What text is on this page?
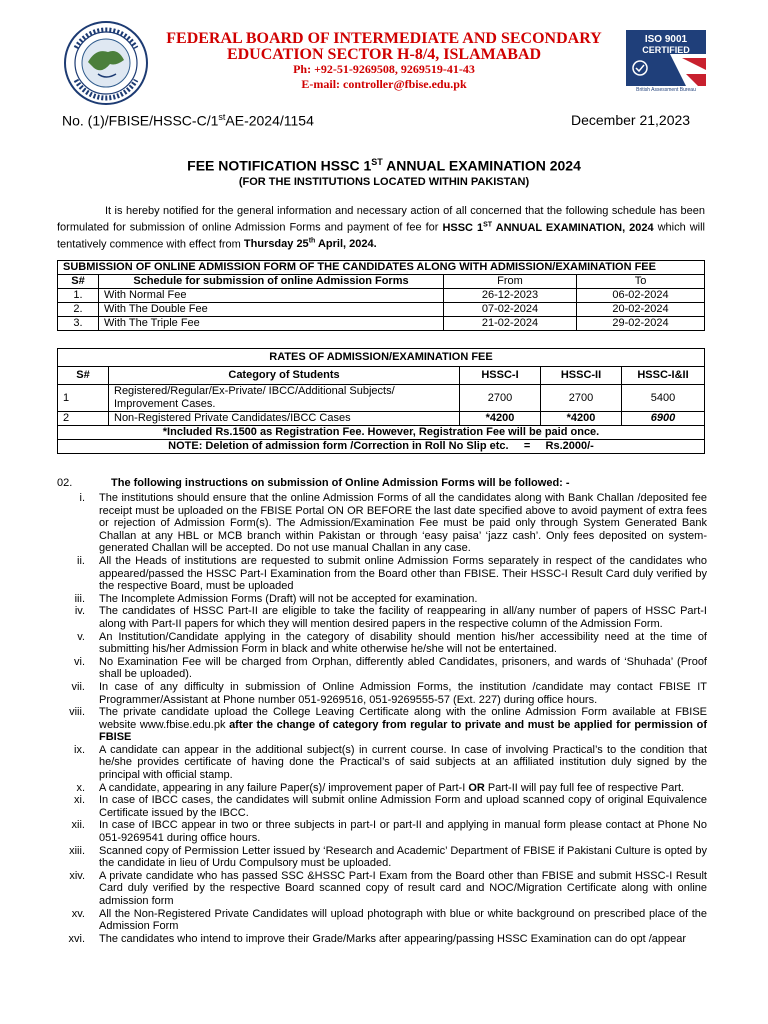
FEDERAL BOARD OF INTERMEDIATE AND SECONDARY
EDUCATION SECTOR H-8/4, ISLAMABAD
Ph: +92-51-9269508, 9269519-41-43
E-mail: controller@fbise.edu.pk
ISO 9001
CERTIFIED
British Assessment Bureau
No. (1)/FBISE/HSSC-C/1stAE-2024/1154	December 21,2023
FEE NOTIFICATION HSSC 1ST ANNUAL EXAMINATION 2024
(FOR THE INSTITUTIONS LOCATED WITHIN PAKISTAN)
It is hereby notified for the general information and necessary action of all concerned that the following schedule has been formulated for submission of online Admission Forms and payment of fee for HSSC 1ST ANNUAL EXAMINATION, 2024 which will tentatively commence with effect from Thursday 25th April, 2024.
SUBMISSION OF ONLINE ADMISSION FORM OF THE CANDIDATES ALONG WITH ADMISSION/EXAMINATION FEE			
S#	Schedule for submission of online Admission Forms	From	To
1.	With Normal Fee	26-12-2023	06-02-2024
2.	With The Double Fee	07-02-2024	20-02-2024
3.	With The Triple Fee	21-02-2024	29-02-2024
RATES OF ADMISSION/EXAMINATION FEE				
S#	Category of Students	HSSC-I	HSSC-II	HSSC-I&II
1	Registered/Regular/Ex-Private/ IBCC/Additional Subjects/ Improvement Cases.	2700	2700	5400
2	Non-Registered Private Candidates/IBCC Cases	*4200	*4200	6900
*Included Rs.1500 as Registration Fee. However, Registration Fee will be paid once.				
NOTE: Deletion of admission form /Correction in Roll No Slip etc.     =     Rs.2000/-				
02.	The following instructions on submission of Online Admission Forms will be followed: -
i.	The institutions should ensure that the online Admission Forms of all the candidates along with Bank Challan /deposited fee receipt must be uploaded on the FBISE Portal ON OR BEFORE the last date specified above to avoid payment of extra fees or rejection of Admission Form(s). The Admission/Examination Fee must be paid only through System Generated Bank Challan at any HBL or MCB branch within Pakistan or through ‘easy paisa’ ‘jazz cash’. Only fees deposited on system-generated Challan will be accepted. Do not use manual Challan in any case.
ii.	All the Heads of institutions are requested to submit online Admission Forms separately in respect of the candidates who appeared/passed the HSSC Part-I Examination from the Board other than FBISE. Their HSSC-I Result Card duly verified by the respective Board, must be uploaded
iii.	The Incomplete Admission Forms (Draft) will not be accepted for examination.
iv.	The candidates of HSSC Part-II are eligible to take the facility of reappearing in all/any number of papers of HSSC Part-I along with Part-II papers for which they will mention desired papers in the respective column of the Admission Form.
v.	An Institution/Candidate applying in the category of disability should mention his/her accessibility need at the time of submitting his/her Admission Form in black and white otherwise he/she will not be entertained.
vi.	No Examination Fee will be charged from Orphan, differently abled Candidates, prisoners, and wards of ‘Shuhada’ (Proof shall be uploaded).
vii.	In case of any difficulty in submission of Online Admission Forms, the institution /candidate may contact FBISE IT Programmer/Assistant at Phone number 051-9269516, 051-9269555-57 (Ext. 227) during office hours.
viii.	The private candidate upload the College Leaving Certificate along with the online Admission Form available at FBISE website www.fbise.edu.pk after the change of category from regular to private and must be applied for permission of FBISE
ix.	A candidate can appear in the additional subject(s) in current course. In case of involving Practical’s to the condition that he/she provides certificate of having done the Practical’s of said subjects at an affiliated institution duly signed by the principal with official stamp.
x.	A candidate, appearing in any failure Paper(s)/ improvement paper of Part-I OR Part-II will pay full fee of respective Part.
xi.	In case of IBCC cases, the candidates will submit online Admission Form and upload scanned copy of original Equivalence Certificate issued by the IBCC.
xii.	In case of IBCC appear in two or three subjects in part-I or part-II and applying in manual form please contact at Phone No 051-9269541 during office hours.
xiii.	Scanned copy of Permission Letter issued by ‘Research and Academic’ Department of FBISE if Pakistani Culture is opted by the candidate in lieu of Urdu Compulsory must be uploaded.
xiv.	A private candidate who has passed SSC &HSSC Part-I Exam from the Board other than FBISE and submit HSSC-I Result Card duly verified by the respective Board scanned copy of result card and NOC/Migration Certificate along with online admission form
xv.	All the Non-Registered Private Candidates will upload photograph with blue or white background on prescribed place of the Admission Form
xvi.	The candidates who intend to improve their Grade/Marks after appearing/passing HSSC Examination can do opt /appear
